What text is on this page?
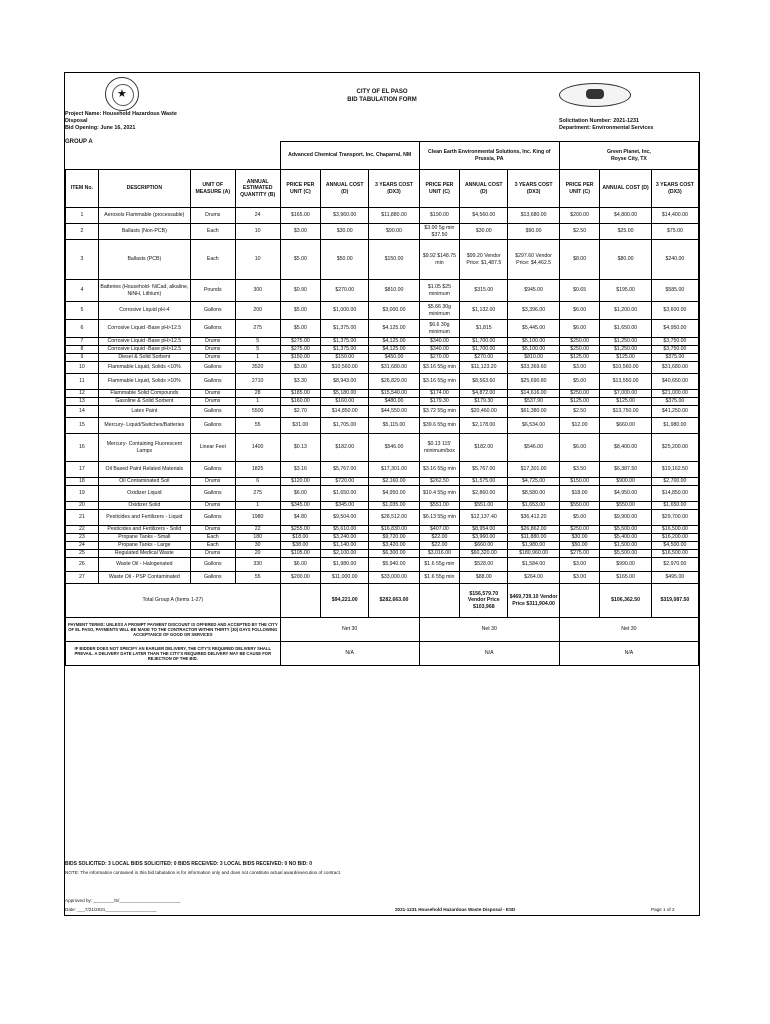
★	CITY OF EL PASO
BID TABULATION FORM
Project Name: Household Hazardous Waste
Disposal
Bid Opening: June 16, 2021
Solicitation Number: 2021-1231
Department: Environmental Services
GROUP A
				Advanced Chemical Transport, Inc. Chaparral, NM			Clean Earth Environmental Solutions, Inc. King of Prussia, PA			Green Planet, Inc,
Royse City, TX		

ITEM No.	DESCRIPTION	UNIT OF MEASURE (A)	ANNUAL ESTIMATED QUANTITY (B)	PRICE PER UNIT (C)	ANNUAL COST (D)	3 YEARS COST (DX3)	PRICE PER UNIT (C)	ANNUAL COST (D)	3 YEARS COST (DX3)	PRICE PER UNIT (C)	ANNUAL COST (D)	3 YEARS COST (DX3)
1	Aerosols Flammable (processable)	Drums	24	$165.00	$3,960.00	$11,880.00	$190.00	$4,560.00	$13,680.00	$200.00	$4,800.00	$14,400.00
2	Ballasts (Non-PCB)	Each	10	$3.00	$30.00	$90.00	$3.00 5g min $37.50	$30.00	$90.00	$2.50	$25.00	$75.00
3	Ballasts (PCB)	Each	10	$5.00	$50.00	$150.00	$9.92 $148.75 min	$99.20 Vendor Price: $1,487.5	$297.60 Vendor Price: $4,462.5	$8.00	$80.00	$240.00
4	Batteries (Household- NiCad, alkaline, NiNH, Lithium)	Pounds	300	$0.90	$270.00	$810.00	$1.05 $25 minimum	$315.00	$945.00	$0.65	$195.00	$585.00
5	Corrosive Liquid pH-4	Gallons	200	$5.00	$1,000.00	$3,000.00	$5.66 30g minimum	$1,132.00	$3,396.00	$6.00	$1,200.00	$3,600.00
6	Corrosive Liquid -Base pH>12.5	Gallons	275	$5.00	$1,375.00	$4,125.00	$6.6 30g minimum	$1,815	$5,445.00	$6.00	$1,650.00	$4,950.00
7	Corrosive Liquid -Base pH>12.5	Drums	5	$275.00	$1,375.00	$4,125.00	$340.00	$1,700.00	$5,100.00	$250.00	$1,250.00	$3,750.00
8	Corrosive Liquid -Base pH>12.5	Drums	5	$275.00	$1,375.00	$4,125.00	$340.00	$1,700.00	$5,100.00	$250.00	$1,250.00	$3,750.00
9	Diesel & Solid Sorbent	Drums	1	$150.00	$150.00	$450.00	$270.00	$270.00	$810.00	$125.00	$125.00	$375.00
10	Flammable Liquid, Solids <10%	Gallons	3520	$3.00	$10,560.00	$31,680.00	$3.16 55g min	$11,123.20	$33,369.60	$3.00	$10,560.00	$31,680.00
11	Flammable Liquid, Solids >10%	Gallons	2710	$3.30	$8,943.00	$26,829.00	$3.16 55g min	$8,563.60	$25,690.80	$5.00	$13,550.00	$40,650.00
12	Flammable Solid Compounds	Drums	28	$185.00	$5,180.00	$15,540.00	$174.00	$4,872.00	$14,616.00	$250.00	$7,000.00	$21,000.00
13	Gasoline & Solid Sorbent	Drums	1	$160.00	$160.00	$480.00	$179.30	$179.30	$537.90	$125.00	$125.00	$375.00
14	Latex Paint	Gallons	5500	$2.70	$14,850.00	$44,550.00	$3.72 55g min	$20,460.00	$61,380.00	$2.50	$13,750.00	$41,250.00
15	Mercury- Liquid/Switches/Batteries	Gallons	55	$31.00	$1,705.00	$5,115.00	$39.6 55g min	$2,178.00	$6,534.00	$12.00	$660.00	$1,980.00
16	Mercury- Containing Fluorescent Lamps	Linear Feet	1400	$0.13	$182.00	$546.00	$0.13 115' minimum/box	$182.00	$546.00	$6.00	$8,400.00	$25,200.00
17	Oil Based Paint Related Materials	Gallons	1825	$3.16	$5,767.00	$17,301.00	$3.16 55g min	$5,767.00	$17,301.00	$3.50	$6,387.50	$19,162.50
18	Oil Contaminated Soil	Drums	6	$120.00	$720.00	$2,160.00	$262.50	$1,575.00	$4,725.00	$150.00	$900.00	$2,700.00
19	Oxidizer Liquid	Gallons	275	$6.00	$1,650.00	$4,950.00	$10.4 55g min	$2,860.00	$8,580.00	$18.00	$4,950.00	$14,850.00
20	Oxidizer Solid	Drums	1	$345.00	$345.00	$1,035.00	$551.00	$551.00	$1,653.00	$550.00	$550.00	$1,650.00
21	Pesticides and Fertilizers - Liquid	Gallons	1980	$4.80	$9,504.00	$28,512.00	$6.13 55g min	$12,137.40	$36,412.20	$5.00	$9,900.00	$29,700.00
22	Pesticides and Fertilizers - Solid	Drums	22	$255.00	$5,610.00	$16,830.00	$407.00	$8,954.00	$26,862.00	$250.00	$5,500.00	$16,500.00
23	Propane Tanks - Small	Each	180	$18.00	$3,240.00	$9,720.00	$22.00	$3,960.00	$11,880.00	$30.00	$5,400.00	$16,200.00
24	Propane Tanks - Large	Each	30	$38.00	$1,140.00	$3,420.00	$22.00	$660.00	$1,980.00	$50.00	$1,500.00	$4,500.00
25	Regulated Medical Waste	Drums	20	$105.00	$2,100.00	$6,300.00	$3,016.00	$60,320.00	$180,960.00	$275.00	$5,500.00	$16,500.00
26	Waste Oil - Halogenated	Gallons	330	$6.00	$1,980.00	$5,940.00	$1.6 55g min	$528.00	$1,584.00	$3.00	$990.00	$2,970.00
27	Waste Oil - PSP Contaminated	Gallons	55	$200.00	$11,000.00	$33,000.00	$1.6 55g min	$88.00	$264.00	$3.00	$165.00	$495.00
Total Group A (Items 1-27)					$94,221.00	$282,663.00		$156,579.70 Vendor Price $103,968	$469,739.10 Vendor Price $311,904.00		$106,362.50	$319,087.50
PAYMENT TERMS: UNLESS A PROMPT PAYMENT DISCOUNT IS OFFERED AND ACCEPTED BY THE CITY OF EL PASO, PAYMENTS WILL BE MADE TO THE CONTRACTOR WITHIN THIRTY (30) DAYS FOLLOWING ACCEPTANCE OF GOOD OR SERVICES				Net 30			Net 30			Net 30		
IF BIDDER DOES NOT SPECIFY AN EARLIER DELIVERY, THE CITY'S REQUIRED DELIVERY SHALL PREVAIL. A DELIVERY DATE LATER THAN THE CITY'S REQUIRED DELIVERY MAY BE CAUSE FOR REJECTION OF THE BID.				N/A			N/A			N/A		
BIDS SOLICITED: 3 LOCAL BIDS SOLICITED: 0 BIDS RECEIVED: 3 LOCAL BIDS RECEIVED: 0 NO BID: 0
NOTE: The information contained in this bid tabulation is for information only and does not constitute actual award/execution of contract.
Approved by: ________/S/________________________
Date: ___7/21/2021____________________	2021-1231 Household Hazardous Waste Disposal - ESD	Page 1 of 2
